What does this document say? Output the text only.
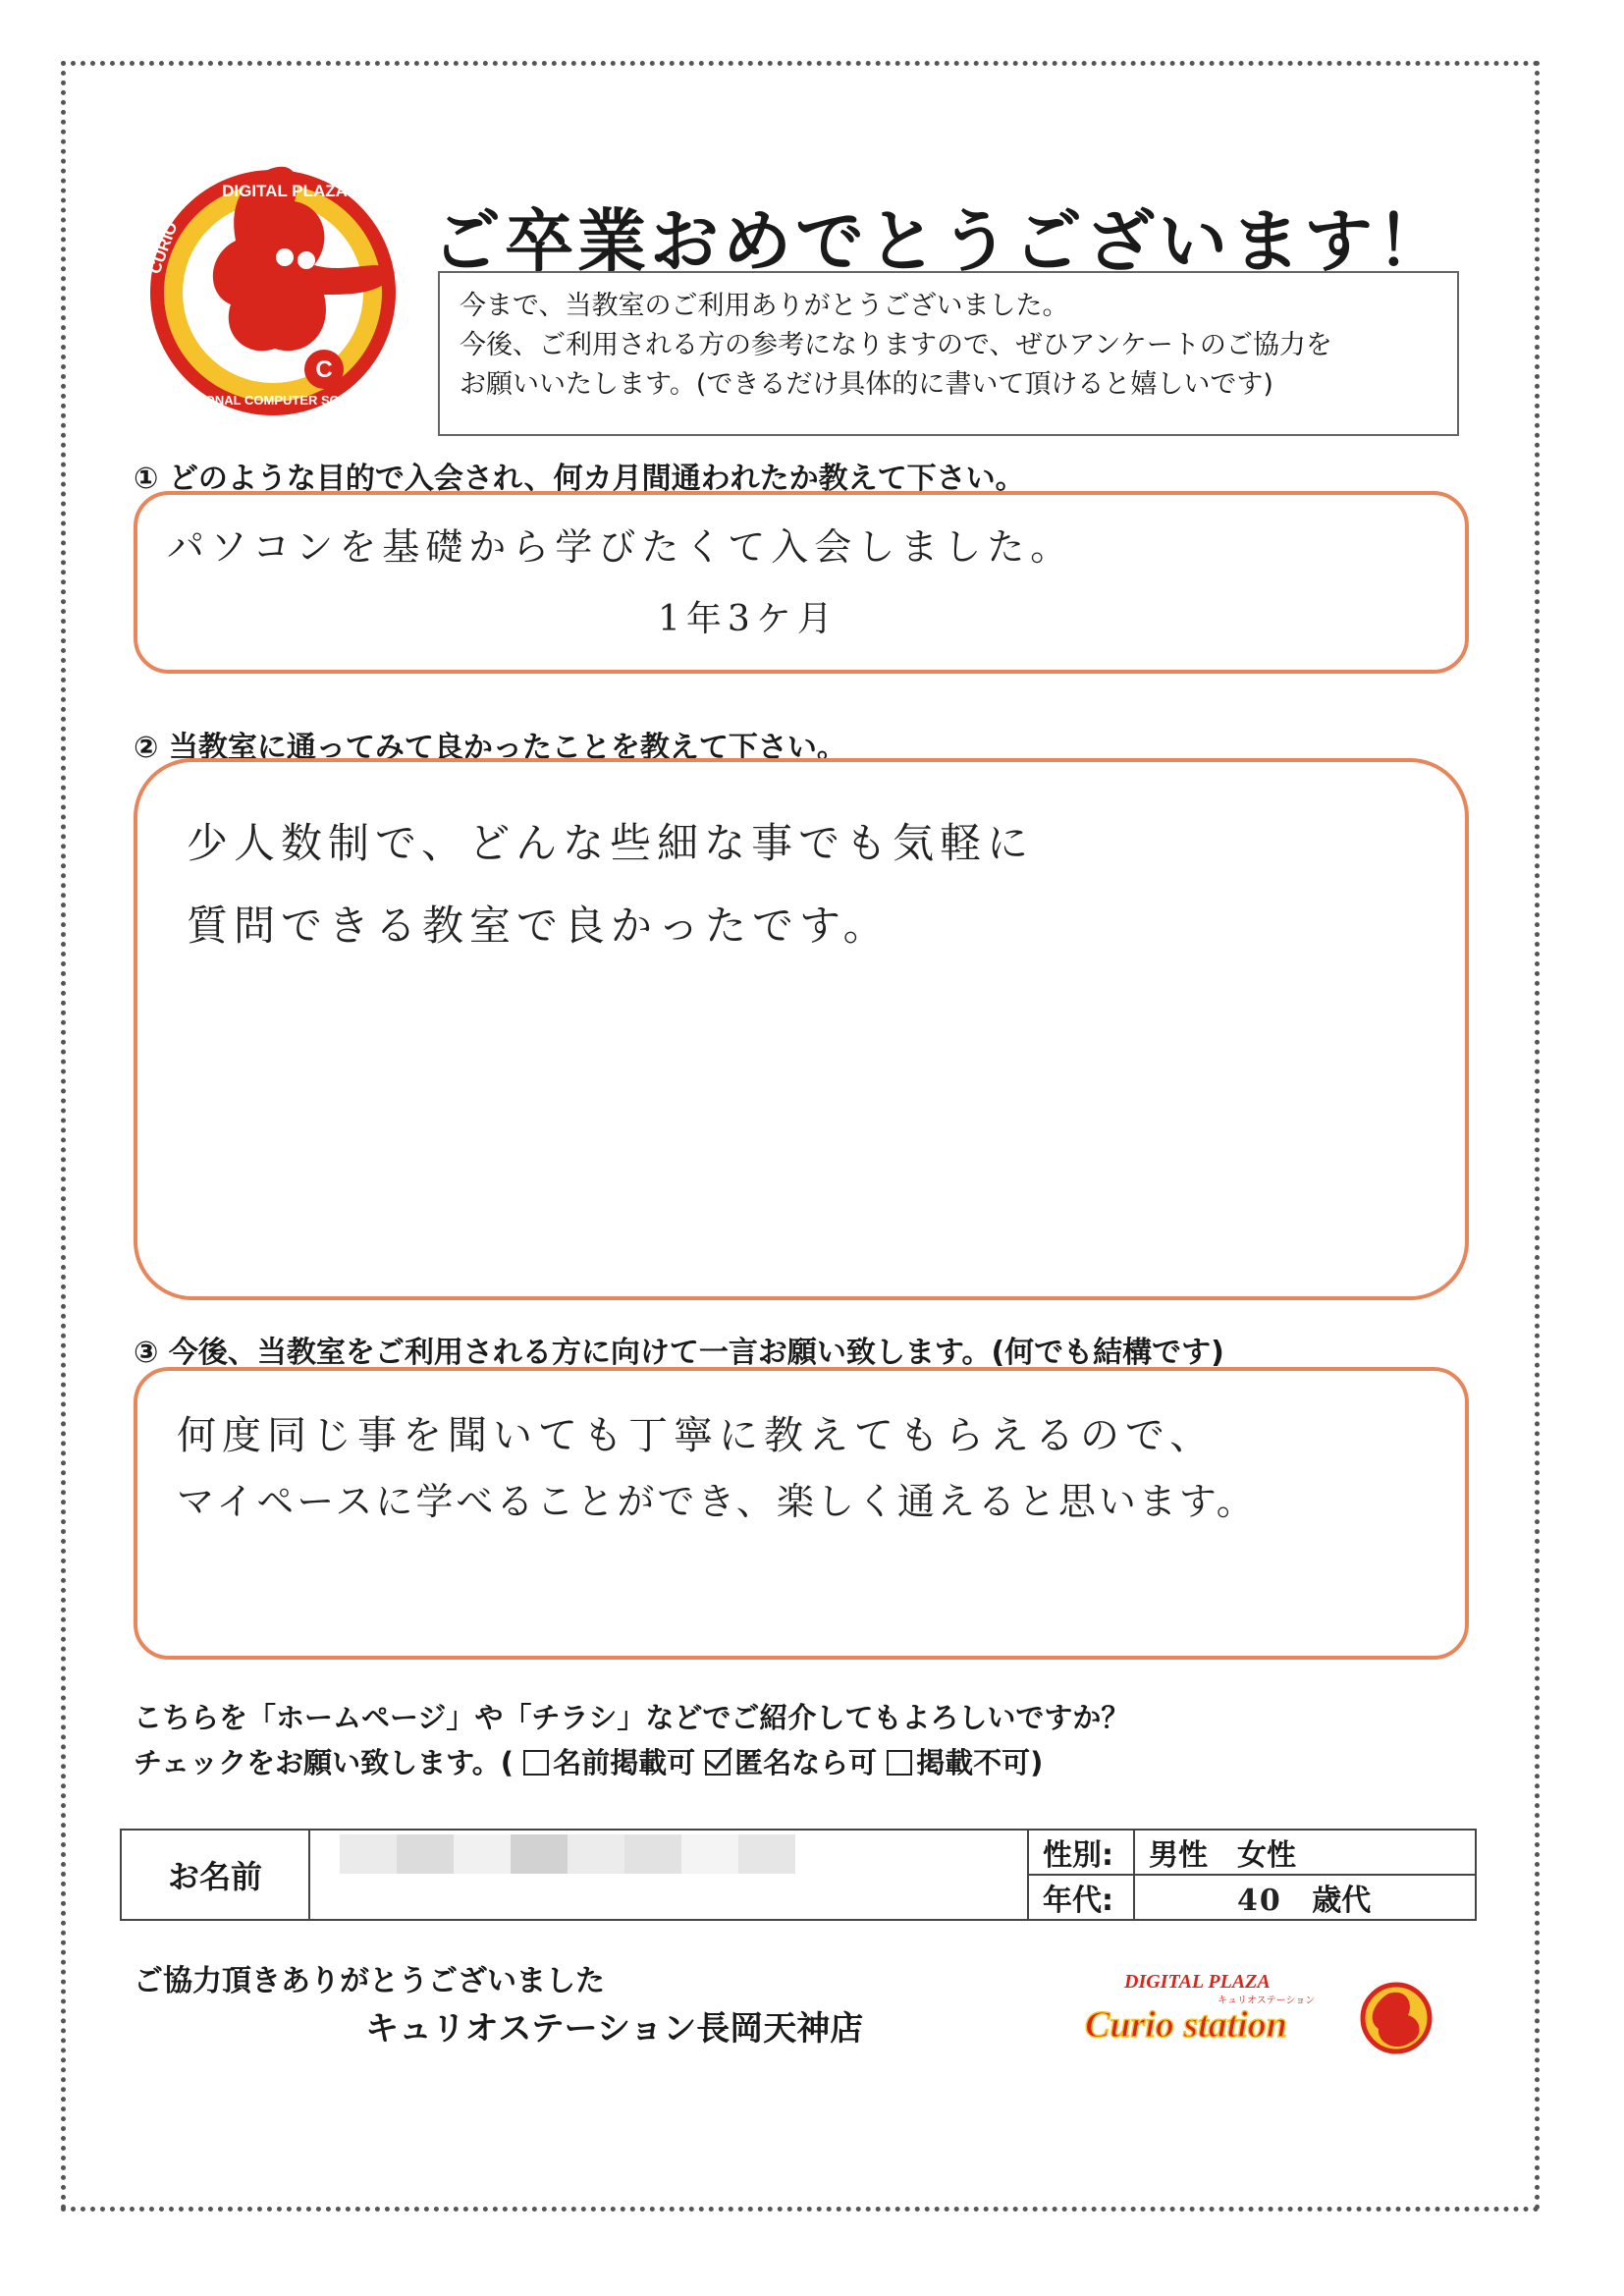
C
DIGITAL PLAZA
CURIO
PERSONAL COMPUTER SCHOOL
ご卒業おめでとうございます！
今まで、当教室のご利用ありがとうございました。
今後、ご利用される方の参考になりますので、ぜひアンケートのご協力を
お願いいたします。(できるだけ具体的に書いて頂けると嬉しいです)
① どのような目的で入会され、何カ月間通われたか教えて下さい。
パソコンを基礎から学びたくて入会しました。
1年3ケ月
② 当教室に通ってみて良かったことを教えて下さい。
少人数制で、どんな些細な事でも気軽に
質問できる教室で良かったです。
③ 今後、当教室をご利用される方に向けて一言お願い致します。(何でも結構です)
何度同じ事を聞いても丁寧に教えてもらえるので、
マイペースに学べることができ、楽しく通えると思います。
こちらを「ホームページ」や「チラシ」などでご紹介してもよろしいですか？
チェックをお願い致します。( 名前掲載可 匿名なら可 掲載不可)
お名前		性別:	男性　女性
		年代:	40 歳代
ご協力頂きありがとうございました
キュリオステーション長岡天神店
DIGITAL PLAZA
キュリオステーション
Curio station
